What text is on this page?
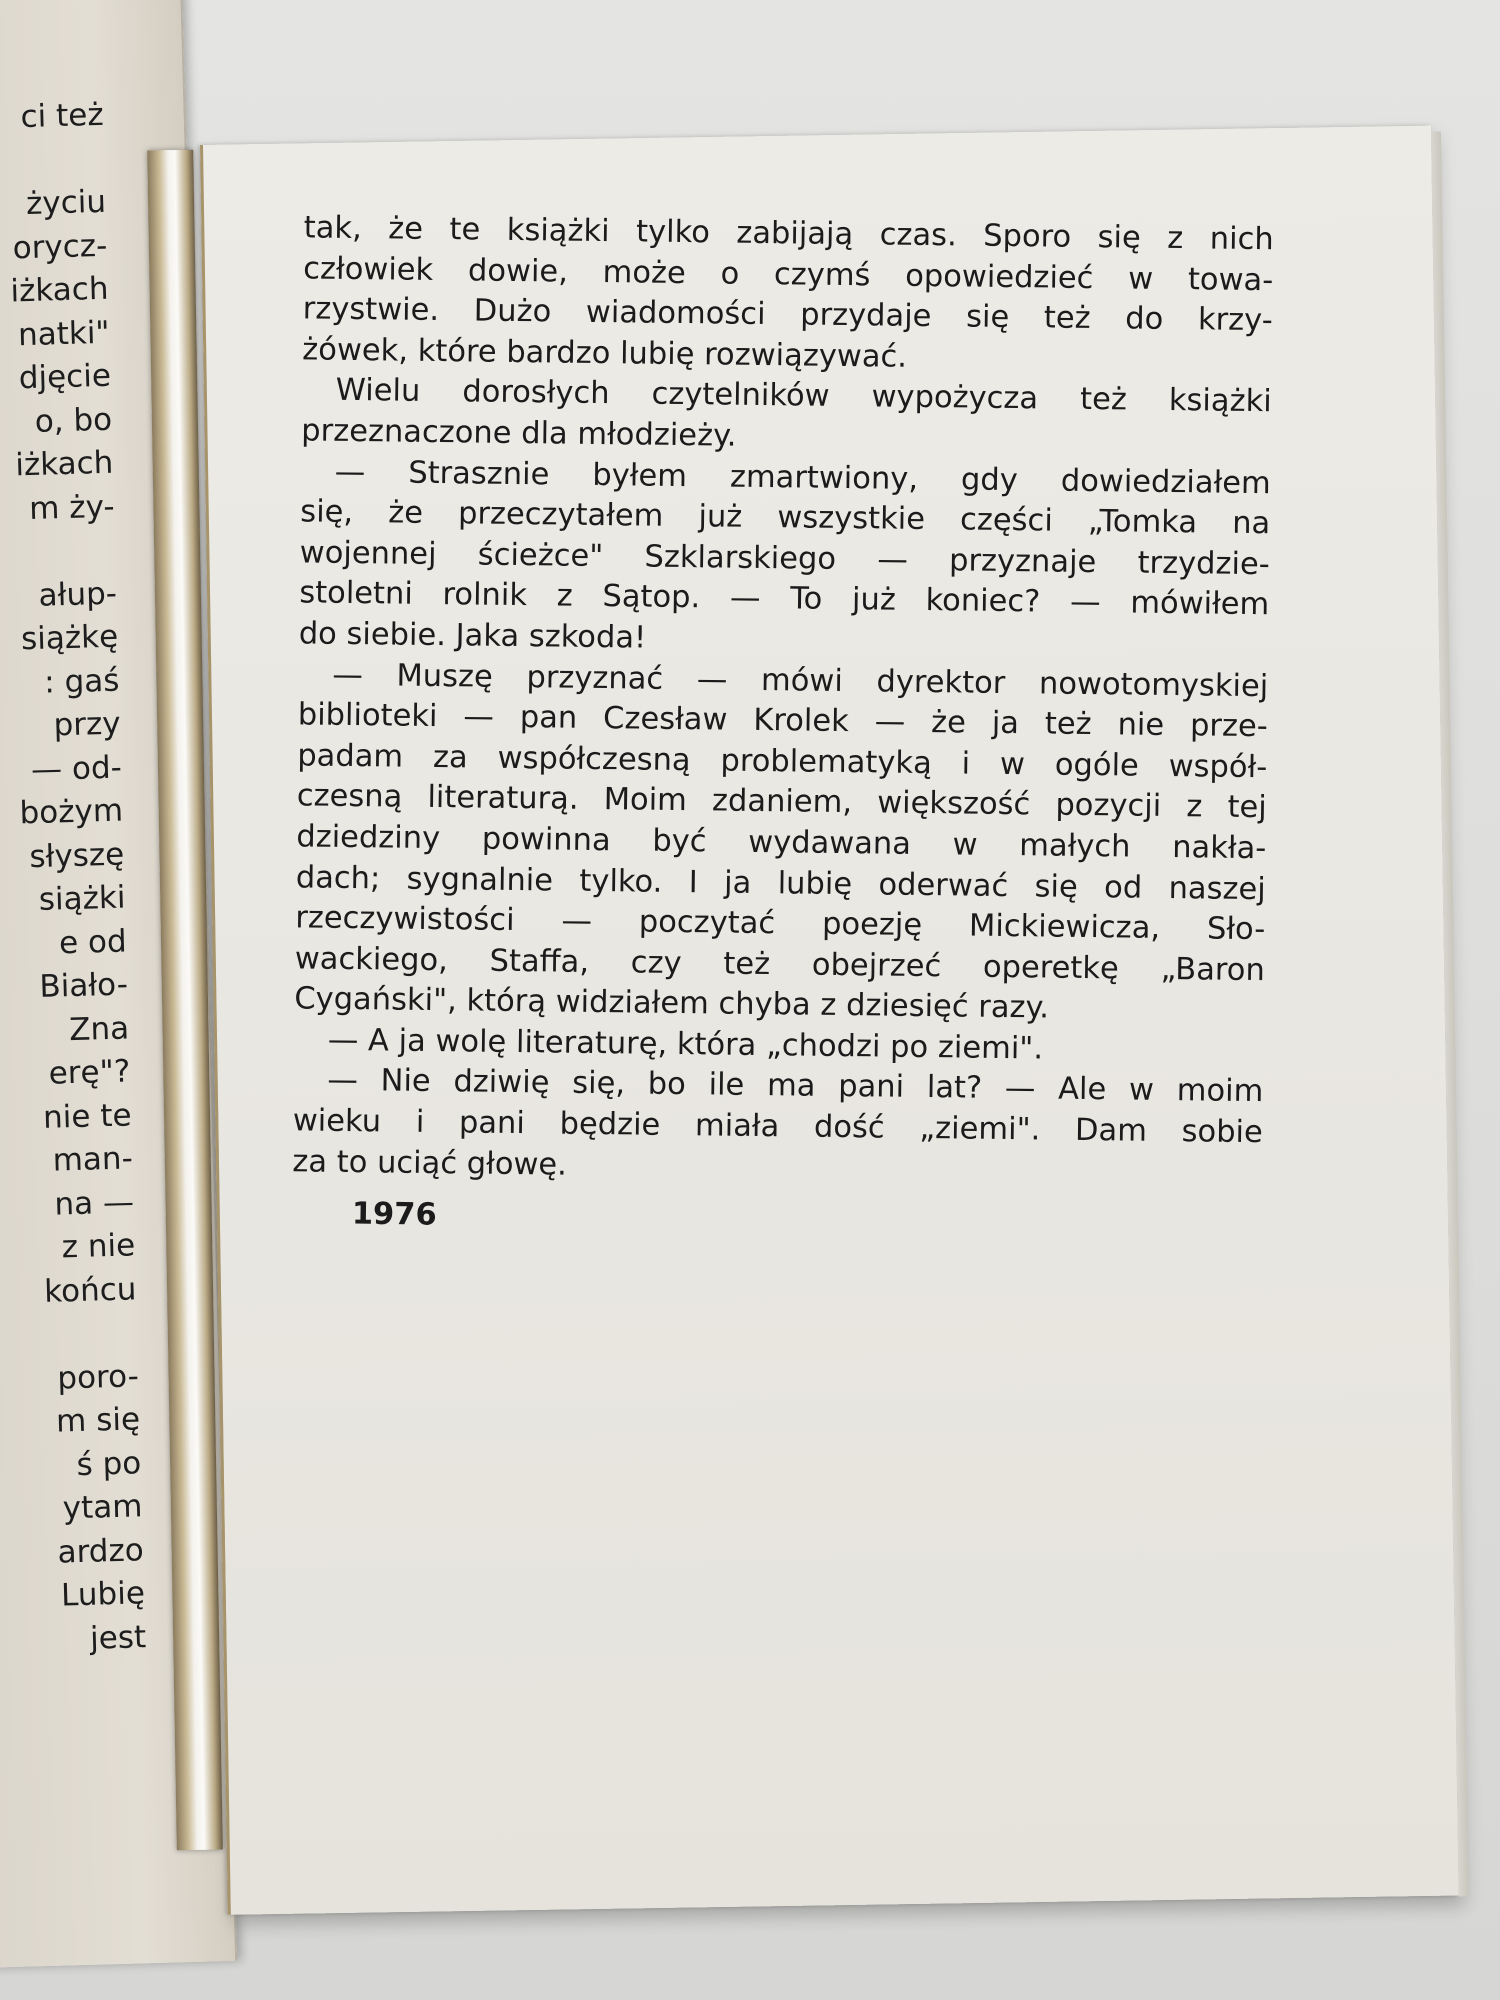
ci też
życiu
orycz-
iżkach
natki"
djęcie
o, bo
iżkach
m ży-
ałup-
siążkę
: gaś
przy
— od-
bożym
słyszę
siążki
e od
Biało-
Zna
erę"?
nie te
man-
na —
z nie
końcu
poro-
m się
ś po
ytam
ardzo
Lubię
jest
tak, że te książki tylko zabijają czas. Sporo się z nich
człowiek dowie, może o czymś opowiedzieć w towa-
rzystwie. Dużo wiadomości przydaje się też do krzy-
żówek, które bardzo lubię rozwiązywać.
Wielu dorosłych czytelników wypożycza też książki
przeznaczone dla młodzieży.
— Strasznie byłem zmartwiony, gdy dowiedziałem
się, że przeczytałem już wszystkie części „Tomka na
wojennej ścieżce" Szklarskiego — przyznaje trzydzie-
stoletni rolnik z Sątop. — To już koniec? — mówiłem
do siebie. Jaka szkoda!
— Muszę przyznać — mówi dyrektor nowotomyskiej
biblioteki — pan Czesław Krolek — że ja też nie prze-
padam za współczesną problematyką i w ogóle współ-
czesną literaturą. Moim zdaniem, większość pozycji z tej
dziedziny powinna być wydawana w małych nakła-
dach; sygnalnie tylko. I ja lubię oderwać się od naszej
rzeczywistości — poczytać poezję Mickiewicza, Sło-
wackiego, Staffa, czy też obejrzeć operetkę „Baron
Cygański", którą widziałem chyba z dziesięć razy.
— A ja wolę literaturę, która „chodzi po ziemi".
— Nie dziwię się, bo ile ma pani lat? — Ale w moim
wieku i pani będzie miała dość „ziemi". Dam sobie
za to uciąć głowę.
1976
